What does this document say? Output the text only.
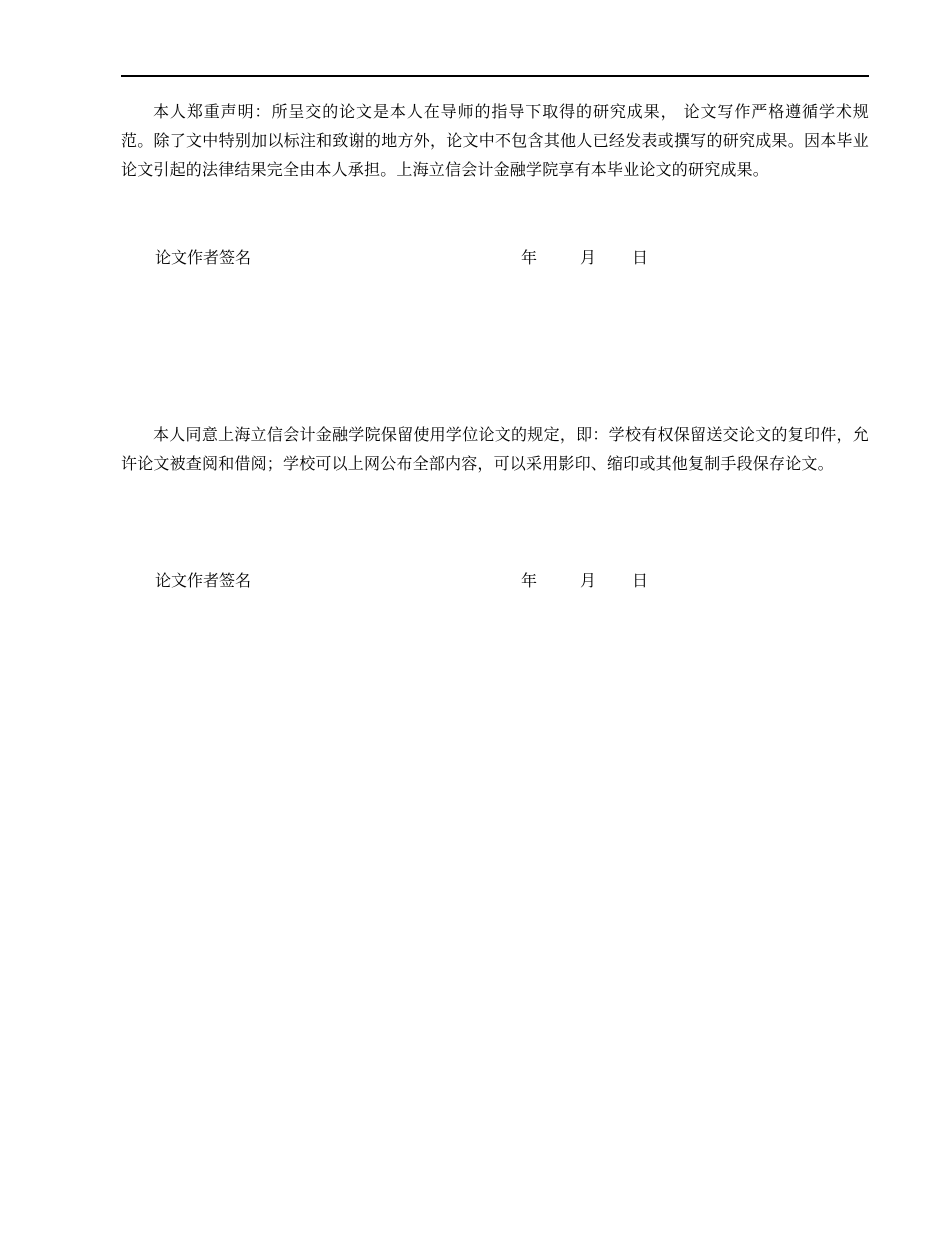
本人郑重声明：所呈交的论文是本人在导师的指导下取得的研究成果， 论文写作严格遵循学术规范。除了文中特别加以标注和致谢的地方外，论文中不包含其他人已经发表或撰写的研究成果。因本毕业论文引起的法律结果完全由本人承担。上海立信会计金融学院享有本毕业论文的研究成果。

论文作者签名	年	月 日

本人同意上海立信会计金融学院保留使用学位论文的规定，即：学校有权保留送交论文的复印件，允许论文被查阅和借阅；学校可以上网公布全部内容，可以采用影印、缩印或其他复制手段保存论文。

论文作者签名	年	月 日
